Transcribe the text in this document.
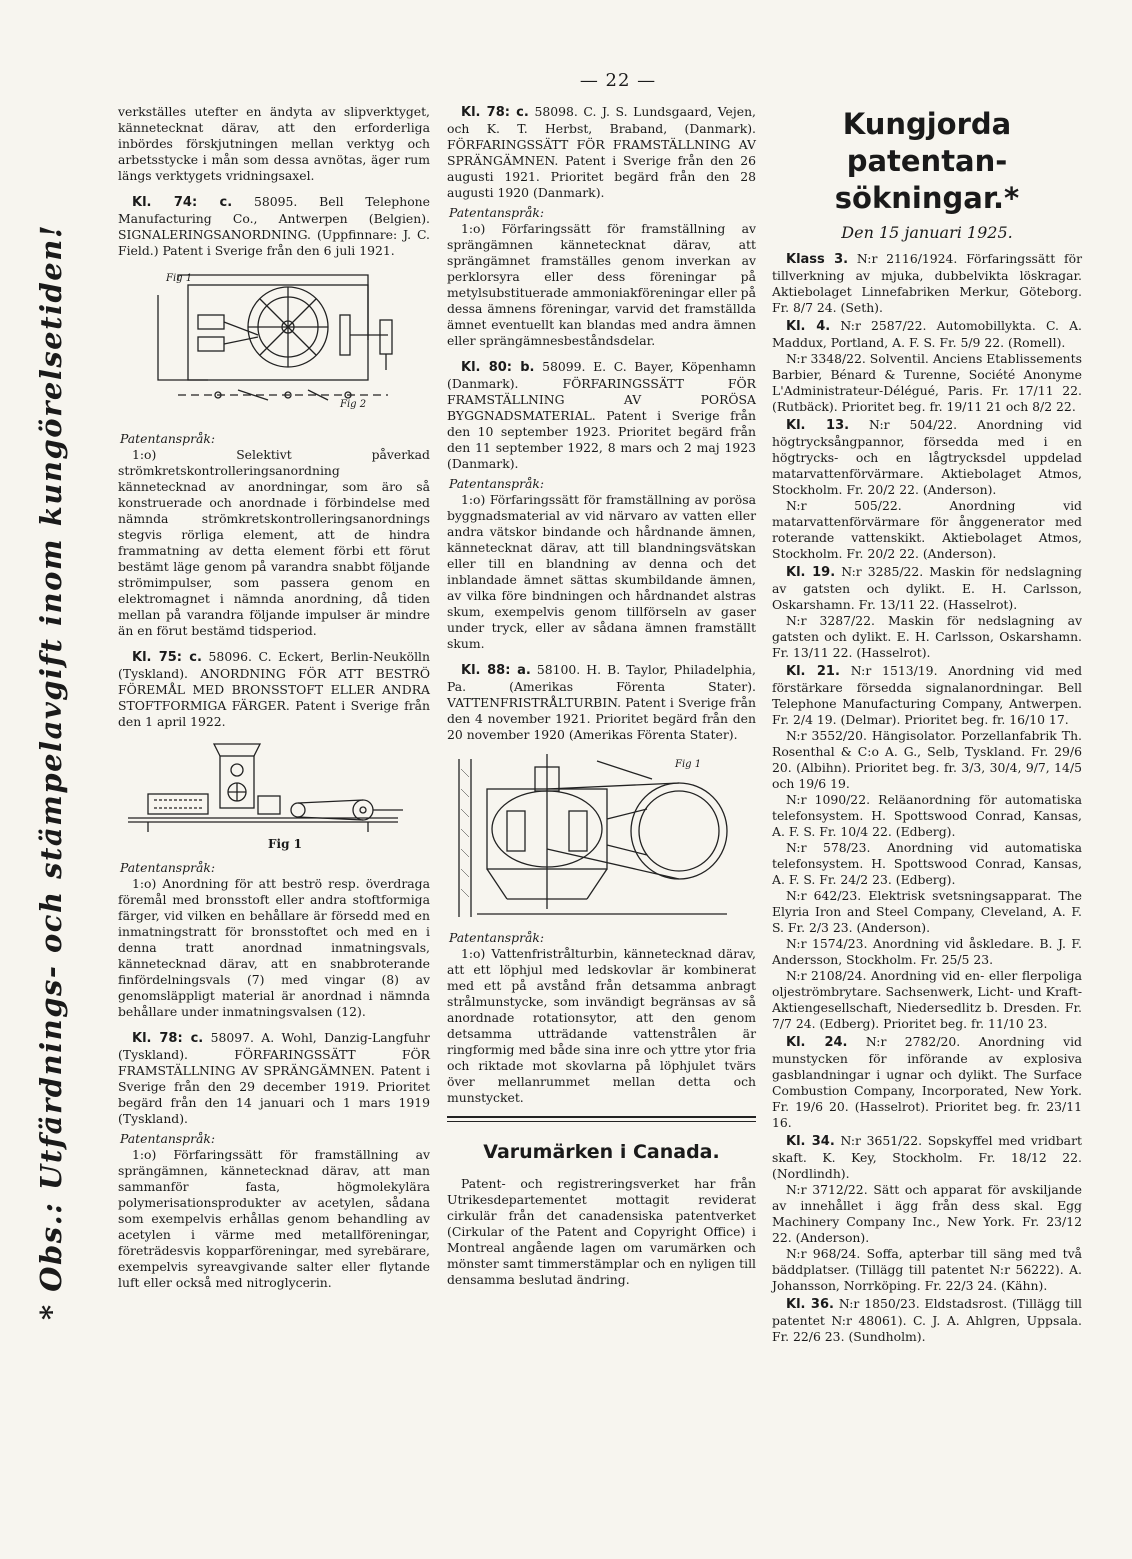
— 22 —
* Obs.: Utfärdnings- och stämpelavgift inom kungörelsetiden!

verkställes utefter en ändyta av slipverktyget, kännetecknat därav, att den erforderliga inbördes förskjutningen mellan verktyg och arbetsstycke i mån som dessa avnötas, äger rum längs verktygets vridningsaxel.

Kl. 74: c. 58095. Bell Telephone Manufacturing Co., Antwerpen (Belgien). SIGNALERINGSANORDNING. (Uppfinnare: J. C. Field.) Patent i Sverige från den 6 juli 1921.

Fig 1
Fig 2
Patentanspråk:

1:o) Selektivt påverkad strömkretskontrolleringsanordning kännetecknad av anordningar, som äro så konstruerade och anordnade i förbindelse med nämnda strömkretskontrolleringsanordnings stegvis rörliga element, att de hindra frammatning av detta element förbi ett förut bestämt läge genom på varandra snabbt följande strömimpulser, som passera genom en elektromagnet i nämnda anordning, då tiden mellan på varandra följande impulser är mindre än en förut bestämd tidsperiod.

Kl. 75: c. 58096. C. Eckert, Berlin-Neukölln (Tyskland). ANORDNING FÖR ATT BESTRÖ FÖREMÅL MED BRONSSTOFT ELLER ANDRA STOFTFORMIGA FÄRGER. Patent i Sverige från den 1 april 1922.

Fig 1
Patentanspråk:

1:o) Anordning för att beströ resp. överdraga föremål med bronsstoft eller andra stoftformiga färger, vid vilken en behållare är försedd med en inmatningstratt för bronsstoftet och med en i denna tratt anordnad inmatningsvals, kännetecknad därav, att en snabbroterande finfördelningsvals (7) med vingar (8) av genomsläppligt material är anordnad i nämnda behållare under inmatningsvalsen (12).

Kl. 78: c. 58097. A. Wohl, Danzig-Langfuhr (Tyskland). FÖRFARINGSSÄTT FÖR FRAMSTÄLLNING AV SPRÄNGÄMNEN. Patent i Sverige från den 29 december 1919. Prioritet begärd från den 14 januari och 1 mars 1919 (Tyskland).

Patentanspråk:

1:o) Förfaringssätt för framställning av sprängämnen, kännetecknad därav, att man sammanför fasta, högmolekylära polymerisationsprodukter av acetylen, sådana som exempelvis erhållas genom behandling av acetylen i värme med metallföreningar, företrädesvis kopparföreningar, med syrebärare, exempelvis syreavgivande salter eller flytande luft eller också med nitroglycerin.

Kl. 78: c. 58098. C. J. S. Lundsgaard, Vejen, och K. T. Herbst, Braband, (Danmark). FÖRFARINGSSÄTT FÖR FRAMSTÄLLNING AV SPRÄNGÄMNEN. Patent i Sverige från den 26 augusti 1921. Prioritet begärd från den 28 augusti 1920 (Danmark).

Patentanspråk:

1:o) Förfaringssätt för framställning av sprängämnen kännetecknat därav, att sprängämnet framställes genom inverkan av perklorsyra eller dess föreningar på metylsubstituerade ammoniakföreningar eller på dessa ämnens föreningar, varvid det framställda ämnet eventuellt kan blandas med andra ämnen eller sprängämnesbeståndsdelar.

Kl. 80: b. 58099. E. C. Bayer, Köpenhamn (Danmark). FÖRFARINGSSÄTT FÖR FRAMSTÄLLNING AV PORÖSA BYGGNADSMATERIAL. Patent i Sverige från den 10 september 1923. Prioritet begärd från den 11 september 1922, 8 mars och 2 maj 1923 (Danmark).

Patentanspråk:

1:o) Förfaringssätt för framställning av porösa byggnadsmaterial av vid närvaro av vatten eller andra vätskor bindande och hårdnande ämnen, kännetecknat därav, att till blandningsvätskan eller till en blandning av denna och det inblandade ämnet sättas skumbildande ämnen, av vilka före bindningen och hårdnandet alstras skum, exempelvis genom tillförseln av gaser under tryck, eller av sådana ämnen framställt skum.

Kl. 88: a. 58100. H. B. Taylor, Philadelphia, Pa. (Amerikas Förenta Stater). VATTENFRISTRÅLTURBIN. Patent i Sverige från den 4 november 1921. Prioritet begärd från den 20 november 1920 (Amerikas Förenta Stater).

Fig 1
Patentanspråk:

1:o) Vattenfristrålturbin, kännetecknad därav, att ett löphjul med ledskovlar är kombinerat med ett på avstånd från detsamma anbragt strålmunstycke, som invändigt begränsas av så anordnade rotationsytor, att den genom detsamma utträdande vattenstrålen är ringformig med både sina inre och yttre ytor fria och riktade mot skovlarna på löphjulet tvärs över mellanrummet mellan detta och munstycket.

Varumärken i Canada.

Patent- och registreringsverket har från Utrikesdepartementet mottagit reviderat cirkulär från det canadensiska patentverket (Cirkular of the Patent and Copyright Office) i Montreal angående lagen om varumärken och mönster samt timmerstämplar och en nyligen till densamma beslutad ändring.

Kungjorda patentan-
sökningar.*
Den 15 januari 1925.

Klass 3. N:r 2116/1924. Förfaringssätt för tillverkning av mjuka, dubbelvikta löskragar. Aktiebolaget Linnefabriken Merkur, Göteborg. Fr. 8/7 24. (Seth).

Kl. 4. N:r 2587/22. Automobillykta. C. A. Maddux, Portland, A. F. S. Fr. 5/9 22. (Romell).

N:r 3348/22. Solventil. Anciens Etablissements Barbier, Bénard & Turenne, Société Anonyme L'Administrateur-Délégué, Paris. Fr. 17/11 22. (Rutbäck). Prioritet beg. fr. 19/11 21 och 8/2 22.

Kl. 13. N:r 504/22. Anordning vid högtrycksångpannor, försedda med i en högtrycks- och en lågtrycksdel uppdelad matarvattenförvärmare. Aktiebolaget Atmos, Stockholm. Fr. 20/2 22. (Anderson).

N:r 505/22. Anordning vid matarvattenförvärmare för ånggenerator med roterande vattenskikt. Aktiebolaget Atmos, Stockholm. Fr. 20/2 22. (Anderson).

Kl. 19. N:r 3285/22. Maskin för nedslagning av gatsten och dylikt. E. H. Carlsson, Oskarshamn. Fr. 13/11 22. (Hasselrot).

N:r 3287/22. Maskin för nedslagning av gatsten och dylikt. E. H. Carlsson, Oskarshamn. Fr. 13/11 22. (Hasselrot).

Kl. 21. N:r 1513/19. Anordning vid med förstärkare försedda signalanordningar. Bell Telephone Manufacturing Company, Antwerpen. Fr. 2/4 19. (Delmar). Prioritet beg. fr. 16/10 17.

N:r 3552/20. Hängisolator. Porzellanfabrik Th. Rosenthal & C:o A. G., Selb, Tyskland. Fr. 29/6 20. (Albihn). Prioritet beg. fr. 3/3, 30/4, 9/7, 14/5 och 19/6 19.

N:r 1090/22. Reläanordning för automatiska telefonsystem. H. Spottswood Conrad, Kansas, A. F. S. Fr. 10/4 22. (Edberg).

N:r 578/23. Anordning vid automatiska telefonsystem. H. Spottswood Conrad, Kansas, A. F. S. Fr. 24/2 23. (Edberg).

N:r 642/23. Elektrisk svetsningsapparat. The Elyria Iron and Steel Company, Cleveland, A. F. S. Fr. 2/3 23. (Anderson).

N:r 1574/23. Anordning vid åskledare. B. J. F. Andersson, Stockholm. Fr. 25/5 23.

N:r 2108/24. Anordning vid en- eller flerpoliga oljeströmbrytare. Sachsenwerk, Licht- und Kraft-Aktiengesellschaft, Niedersedlitz b. Dresden. Fr. 7/7 24. (Edberg). Prioritet beg. fr. 11/10 23.

Kl. 24. N:r 2782/20. Anordning vid munstycken för införande av explosiva gasblandningar i ugnar och dylikt. The Surface Combustion Company, Incorporated, New York. Fr. 19/6 20. (Hasselrot). Prioritet beg. fr. 23/11 16.

Kl. 34. N:r 3651/22. Sopskyffel med vridbart skaft. K. Key, Stockholm. Fr. 18/12 22. (Nordlindh).

N:r 3712/22. Sätt och apparat för avskiljande av innehållet i ägg från dess skal. Egg Machinery Company Inc., New York. Fr. 23/12 22. (Anderson).

N:r 968/24. Soffa, apterbar till säng med två bäddplatser. (Tillägg till patentet N:r 56222). A. Johansson, Norrköping. Fr. 22/3 24. (Kähn).

Kl. 36. N:r 1850/23. Eldstadsrost. (Tillägg till patentet N:r 48061). C. J. A. Ahlgren, Uppsala. Fr. 22/6 23. (Sundholm).
